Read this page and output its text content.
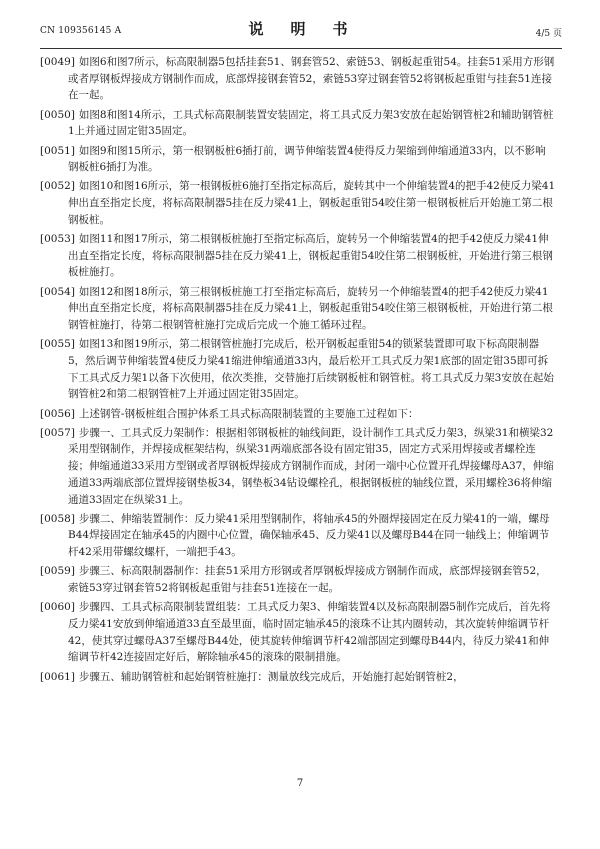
CN 109356145 A	说　明　书	4/5 页

[0049] 如图6和图7所示，标高限制器5包括挂套51、钢套管52、索链53、钢板起重钳54。挂套51采用方形钢或者厚钢板焊接成方钢制作而成，底部焊接钢套管52，索链53穿过钢套管52将钢板起重钳与挂套51连接在一起。

[0050] 如图8和图14所示，工具式标高限制装置安装固定，将工具式反力架3安放在起始钢管桩2和辅助钢管桩1上并通过固定钳35固定。

[0051] 如图9和图15所示，第一根钢板桩6插打前，调节伸缩装置4使得反力架缩到伸缩通道33内，以不影响钢板桩6插打为准。

[0052] 如图10和图16所示，第一根钢板桩6施打至指定标高后，旋转其中一个伸缩装置4的把手42使反力梁41伸出直至指定长度，将标高限制器5挂在反力梁41上，钢板起重钳54咬住第一根钢板桩后开始施工第二根钢板桩。

[0053] 如图11和图17所示，第二根钢板桩施打至指定标高后，旋转另一个伸缩装置4的把手42使反力梁41伸出直至指定长度，将标高限制器5挂在反力梁41上，钢板起重钳54咬住第二根钢板桩，开始进行第三根钢板桩施打。

[0054] 如图12和图18所示，第三根钢板桩施工打至指定标高后，旋转另一个伸缩装置4的把手42使反力梁41伸出直至指定长度，将标高限制器5挂在反力梁41上，钢板起重钳54咬住第三根钢板桩，开始进行第二根钢管桩施打，待第二根钢管桩施打完成后完成一个施工循环过程。

[0055] 如图13和图19所示，第二根钢管桩施打完成后，松开钢板起重钳54的锁紧装置即可取下标高限制器5，然后调节伸缩装置4使反力梁41缩进伸缩通道33内，最后松开工具式反力架1底部的固定钳35即可拆下工具式反力架1以备下次使用，依次类推，交替施打后续钢板桩和钢管桩。将工具式反力架3安放在起始钢管桩2和第二根钢管桩7上并通过固定钳35固定。

[0056] 上述钢管-钢板桩组合围护体系工具式标高限制装置的主要施工过程如下：

[0057] 步骤一、工具式反力架制作：根据相邻钢板桩的轴线间距，设计制作工具式反力架3，纵梁31和横梁32采用型钢制作，并焊接成框架结构，纵梁31两端底部各设有固定钳35，固定方式采用焊接或者螺栓连接；伸缩通道33采用方型钢或者厚钢板焊接成方钢制作而成，封闭一端中心位置开孔焊接螺母A37，伸缩通道33两端底部位置焊接钢垫板34，钢垫板34钻设螺栓孔，根据钢板桩的轴线位置，采用螺栓36将伸缩通道33固定在纵梁31上。

[0058] 步骤二、伸缩装置制作：反力梁41采用型钢制作，将轴承45的外圈焊接固定在反力梁41的一端，螺母B44焊接固定在轴承45的内圈中心位置，确保轴承45、反力梁41以及螺母B44在同一轴线上；伸缩调节杆42采用带螺纹螺杆，一端把手43。

[0059] 步骤三、标高限制器制作：挂套51采用方形钢或者厚钢板焊接成方钢制作而成，底部焊接钢套管52，索链53穿过钢套管52将钢板起重钳与挂套51连接在一起。

[0060] 步骤四、工具式标高限制装置组装：工具式反力架3、伸缩装置4以及标高限制器5制作完成后，首先将反力梁41安放到伸缩通道33直至最里面，临时固定轴承45的滚珠不让其内圈转动，其次旋转伸缩调节杆42，使其穿过螺母A37至螺母B44处，使其旋转伸缩调节杆42端部固定到螺母B44内，待反力梁41和伸缩调节杆42连接固定好后，解除轴承45的滚珠的限制措施。

[0061] 步骤五、辅助钢管桩和起始钢管桩施打：测量放线完成后，开始施打起始钢管桩2，

7
